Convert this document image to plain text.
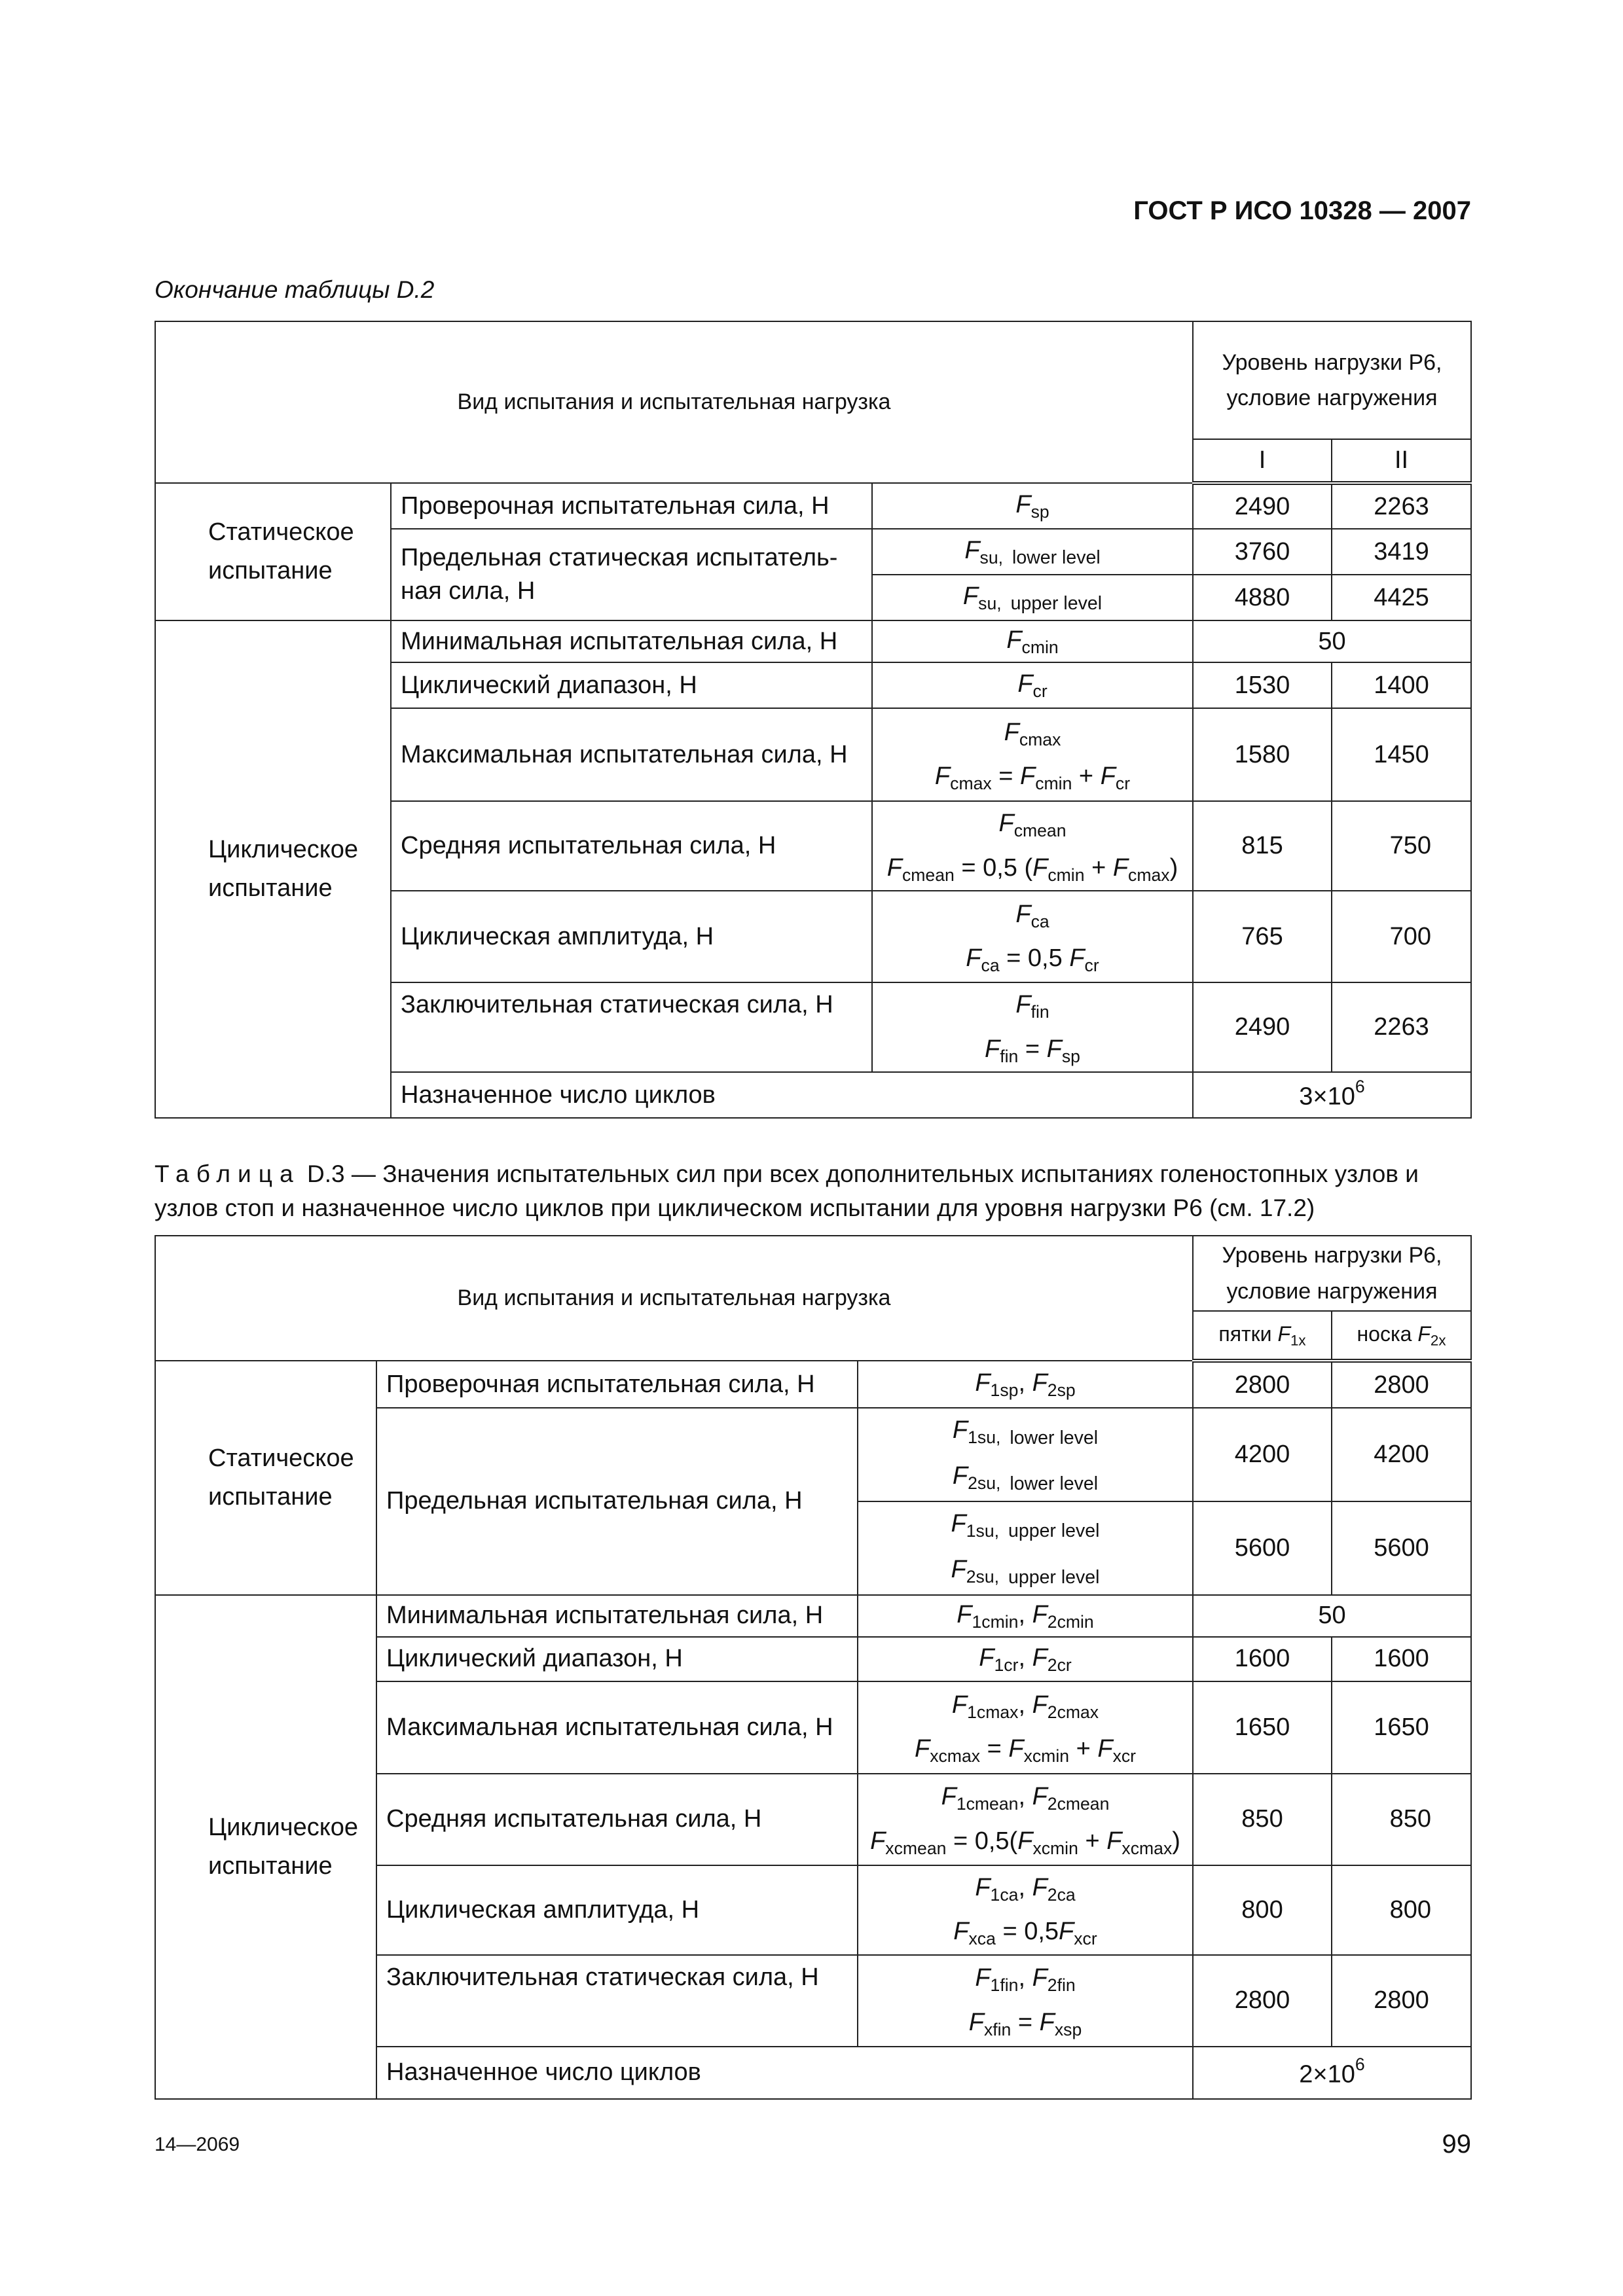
ГОСТ Р ИСО 10328 — 2007
Окончание таблицы D.2
Вид испытания и испытательная нагрузка			Уровень нагрузки P6,
условие нагружения	
			I	II
Статическое испытание	Проверочная испытательная сила, Н	$F_{sp}$	2490	2263
	Предельная статическая испытательная сила, Н	$F_{su,}$ $_{lower level}$	3760	3419
		$F_{su,}$ $_{upper level}$	4880	4425
Циклическое испытание	Минимальная испытательная сила, Н	$F_{cmin}$	50	
	Циклический диапазон, Н	$F_{cr}$	1530	1400
	Максимальная испытательная сила, Н	$F_{cmax}$
$F_{cmax} = F_{cmin} + F_{cr}$	1580	1450
	Средняя испытательная сила, Н	$F_{cmean}$
$F_{cmean} = 0,5$ $(F_{cmin} + F_{cmax})$	815	750
	Циклическая амплитуда, Н	$F_{ca}$
$F_{ca} = 0,5$ $F_{cr}$	765	700
	Заключительная статическая сила, Н	$F_{fin}$
$F_{fin} = F_{sp}$	2490	2263
	Назначенное число циклов		$3\times 10^6$
Таблица D.3 — Значения испытательных сил при всех дополнительных испытаниях голеностопных узлов и узлов стоп и назначенное число циклов при циклическом испытании для уровня нагрузки P6 (см. 17.2)
Вид испытания и испытательная нагрузка			Уровень нагрузки P6,
условие нагружения	
			пятки $F_{1x}$	носка $F_{2x}$
Статическое испытание	Проверочная испытательная сила, Н	$F_{1sp}$, $F_{2sp}$	2800	2800
	Предельная испытательная сила, Н	$F_{1su,}$ $_{lower level}$
$F_{2su,}$ $_{lower level}$	4200	4200

		$F_{1su,}$ $_{upper level}$
$F_{2su,}$ $_{upper level}$	5600	5600
Циклическое испытание	Минимальная испытательная сила, Н	$F_{1cmin}$, $F_{2cmin}$	50	
	Циклический диапазон, Н	$F_{1cr}$, $F_{2cr}$	1600	1600
	Максимальная испытательная сила, Н	$F_{1cmax}$, $F_{2cmax}$
$F_{xcmax} = F_{xcmin} + F_{xcr}$	1650	1650
	Средняя испытательная сила, Н	$F_{1cmean}$, $F_{2cmean}$
$F_{xcmean} = 0,5(F_{xcmin} + F_{xcmax})$	850	850
	Циклическая амплитуда, Н	$F_{1ca}$, $F_{2ca}$
$F_{xca} = 0,5F_{xcr}$	800	800
	Заключительная статическая сила, Н	$F_{1fin}$, $F_{2fin}$
$F_{xfin} = F_{xsp}$	2800	2800
	Назначенное число циклов		$2\times 10^6$
14—2069	99
